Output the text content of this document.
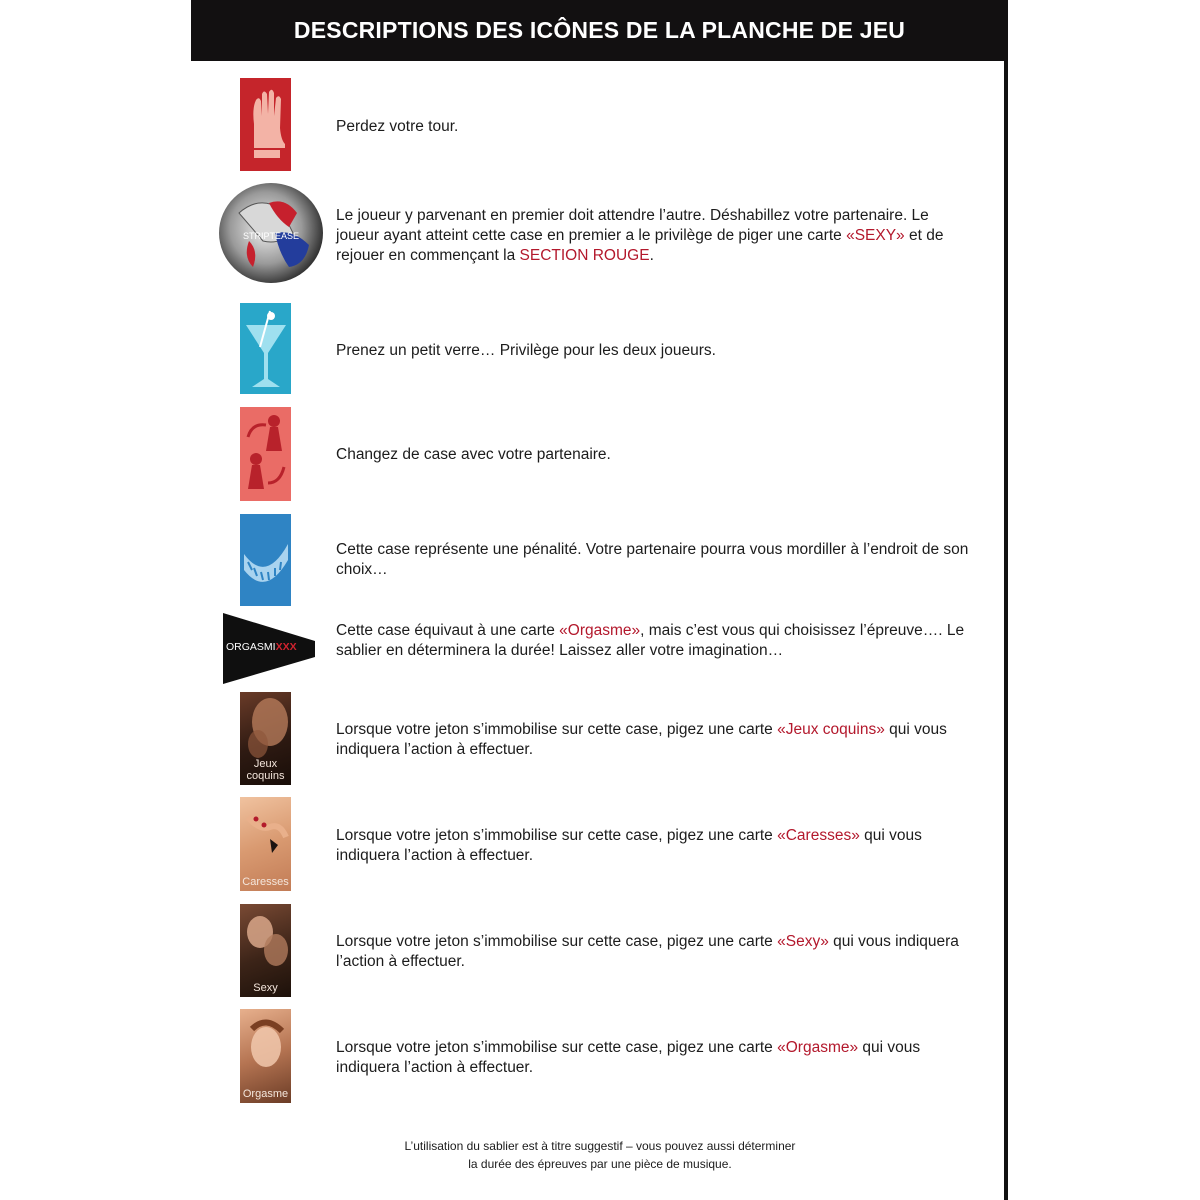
DESCRIPTIONS DES ICÔNES DE LA PLANCHE DE JEU
Perdez votre tour.
STRIPTEASE
Le joueur y parvenant en premier doit attendre l’autre. Déshabillez votre partenaire. Le joueur ayant atteint cette case en premier a le privilège de piger une carte «SEXY» et de rejouer en commençant la SECTION ROUGE.
Prenez un petit verre… Privilège pour les deux joueurs.
Changez de case avec votre partenaire.
Cette case représente une pénalité. Votre partenaire pourra vous mordiller à l’endroit de son choix…
ORGASMIXXX
Cette case équivaut à une carte «Orgasme», mais c’est vous qui choisissez l’épreuve…. Le sablier en déterminera la durée! Laissez aller votre imagination…
Jeux coquins
Lorsque votre jeton s’immobilise sur cette case, pigez une carte «Jeux coquins» qui vous indiquera l’action à effectuer.
Caresses
Lorsque votre jeton s’immobilise sur cette case, pigez une carte «Caresses» qui vous indiquera l’action à effectuer.
Sexy
Lorsque votre jeton s’immobilise sur cette case, pigez une carte «Sexy» qui vous indiquera l’action à effectuer.
Orgasme
Lorsque votre jeton s’immobilise sur cette case, pigez une carte «Orgasme» qui vous indiquera l’action à effectuer.
L’utilisation du sablier est à titre suggestif – vous pouvez aussi déterminer
la durée des épreuves par une pièce de musique.
